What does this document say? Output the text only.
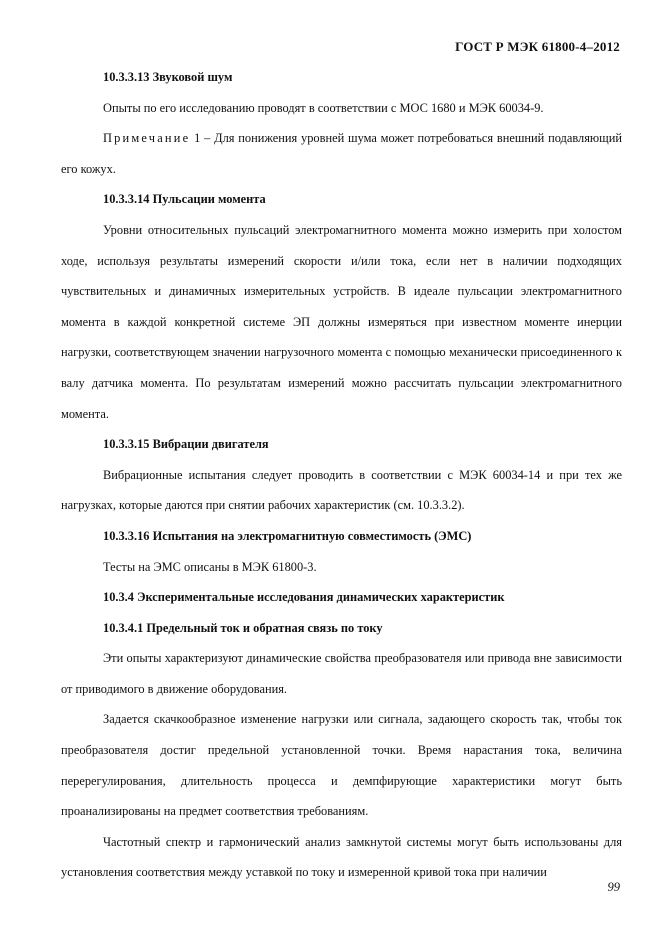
ГОСТ Р МЭК 61800-4–2012

10.3.3.13 Звуковой шум

Опыты по его исследованию проводят в соответствии с МОС 1680 и МЭК 60034-9.

Примечание 1 – Для понижения уровней шума может потребоваться внешний подавляющий его кожух.

10.3.3.14 Пульсации момента

Уровни относительных пульсаций электромагнитного момента можно измерить при холостом ходе, используя результаты измерений скорости и/или тока, если нет в наличии подходящих чувствительных и динамичных измерительных устройств. В идеале пульсации электромагнитного момента в каждой конкретной системе ЭП должны измеряться при известном моменте инерции нагрузки, соответствующем значении нагрузочного момента с помощью механически присоединенного к валу датчика момента. По результатам измерений можно рассчитать пульсации электромагнитного момента.

10.3.3.15 Вибрации двигателя

Вибрационные испытания следует проводить в соответствии с МЭК 60034-14 и при тех же нагрузках, которые даются при снятии рабочих характеристик (см. 10.3.3.2).

10.3.3.16 Испытания на электромагнитную совместимость (ЭМС)

Тесты на ЭМС описаны в МЭК 61800-3.

10.3.4 Экспериментальные исследования динамических характеристик

10.3.4.1 Предельный ток и обратная связь по току

Эти опыты характеризуют динамические свойства преобразователя или привода вне зависимости от приводимого в движение оборудования.

Задается скачкообразное изменение нагрузки или сигнала, задающего скорость так, чтобы ток преобразователя достиг предельной установленной точки. Время нарастания тока, величина перерегулирования, длительность процесса и демпфирующие характеристики могут быть проанализированы на предмет соответствия требованиям.

Частотный спектр и гармонический анализ замкнутой системы могут быть использованы для установления соответствия между уставкой по току и измеренной кривой тока при наличии

99
